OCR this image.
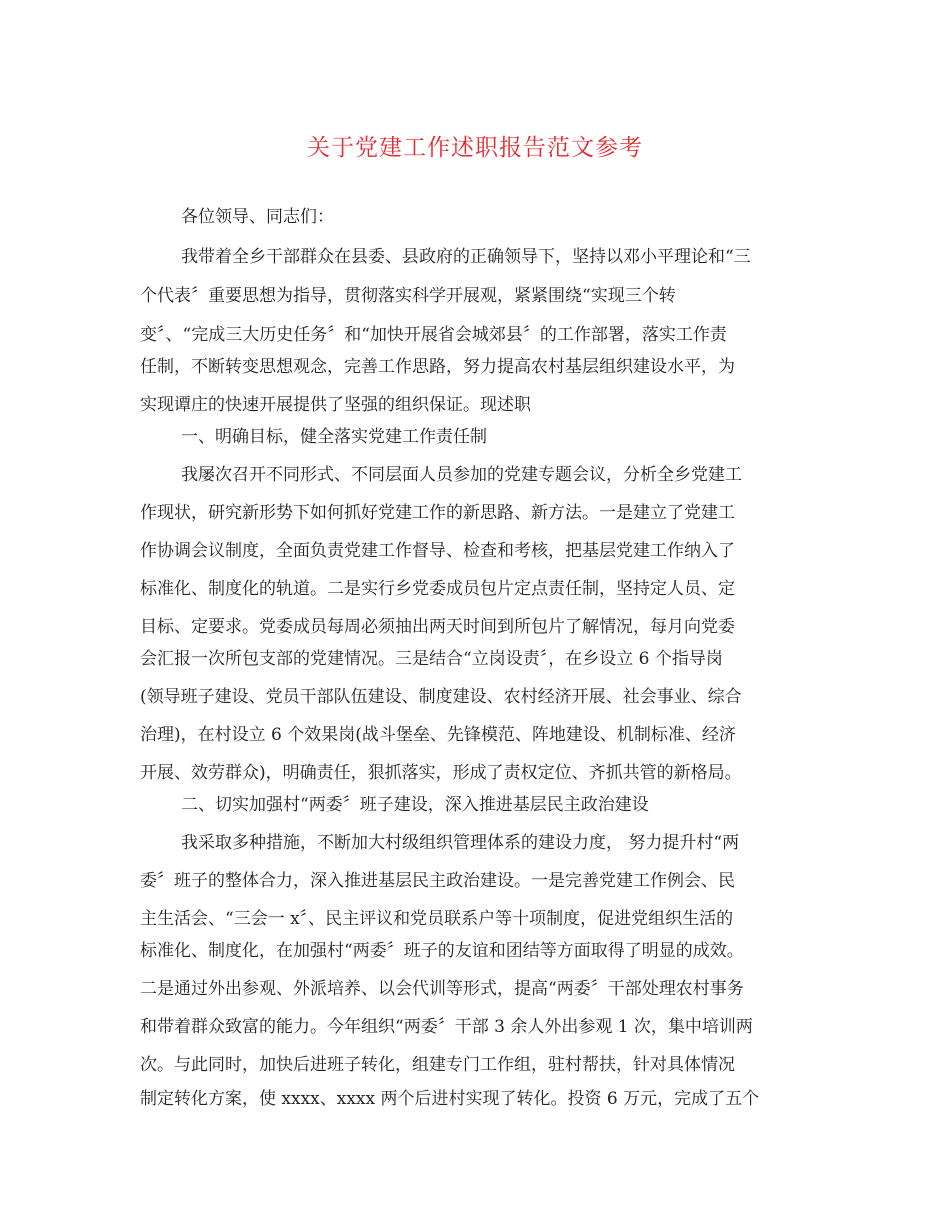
关于党建工作述职报告范文参考
各位领导、同志们：
我带着全乡干部群众在县委、县政府的正确领导下，坚持以邓小平理论和“三
个代表〞重要思想为指导，贯彻落实科学开展观，紧紧围绕“实现三个转
变〞、“完成三大历史任务〞和“加快开展省会城郊县〞的工作部署，落实工作责
任制，不断转变思想观念，完善工作思路，努力提高农村基层组织建设水平，为
实现谭庄的快速开展提供了坚强的组织保证。现述职
一、明确目标，健全落实党建工作责任制
我屡次召开不同形式、不同层面人员参加的党建专题会议，分析全乡党建工
作现状，研究新形势下如何抓好党建工作的新思路、新方法。一是建立了党建工
作协调会议制度，全面负责党建工作督导、检查和考核，把基层党建工作纳入了
标准化、制度化的轨道。二是实行乡党委成员包片定点责任制，坚持定人员、定
目标、定要求。党委成员每周必须抽出两天时间到所包片了解情况，每月向党委
会汇报一次所包支部的党建情况。三是结合“立岗设责〞，在乡设立 6 个指导岗
(领导班子建设、党员干部队伍建设、制度建设、农村经济开展、社会事业、综合
治理)，在村设立 6 个效果岗(战斗堡垒、先锋模范、阵地建设、机制标准、经济
开展、效劳群众)，明确责任，狠抓落实，形成了责权定位、齐抓共管的新格局。
二、切实加强村“两委〞班子建设，深入推进基层民主政治建设
我采取多种措施，不断加大村级组织管理体系的建设力度， 努力提升村“两
委〞班子的整体合力，深入推进基层民主政治建设。一是完善党建工作例会、民
主生活会、“三会一 x〞、民主评议和党员联系户等十项制度，促进党组织生活的
标准化、制度化，在加强村“两委〞班子的友谊和团结等方面取得了明显的成效。
二是通过外出参观、外派培养、以会代训等形式，提高“两委〞干部处理农村事务
和带着群众致富的能力。今年组织“两委〞干部 3 余人外出参观 1 次，集中培训两
次。与此同时，加快后进班子转化，组建专门工作组，驻村帮扶，针对具体情况
制定转化方案，使 xxxx、xxxx 两个后进村实现了转化。投资 6 万元，完成了五个
